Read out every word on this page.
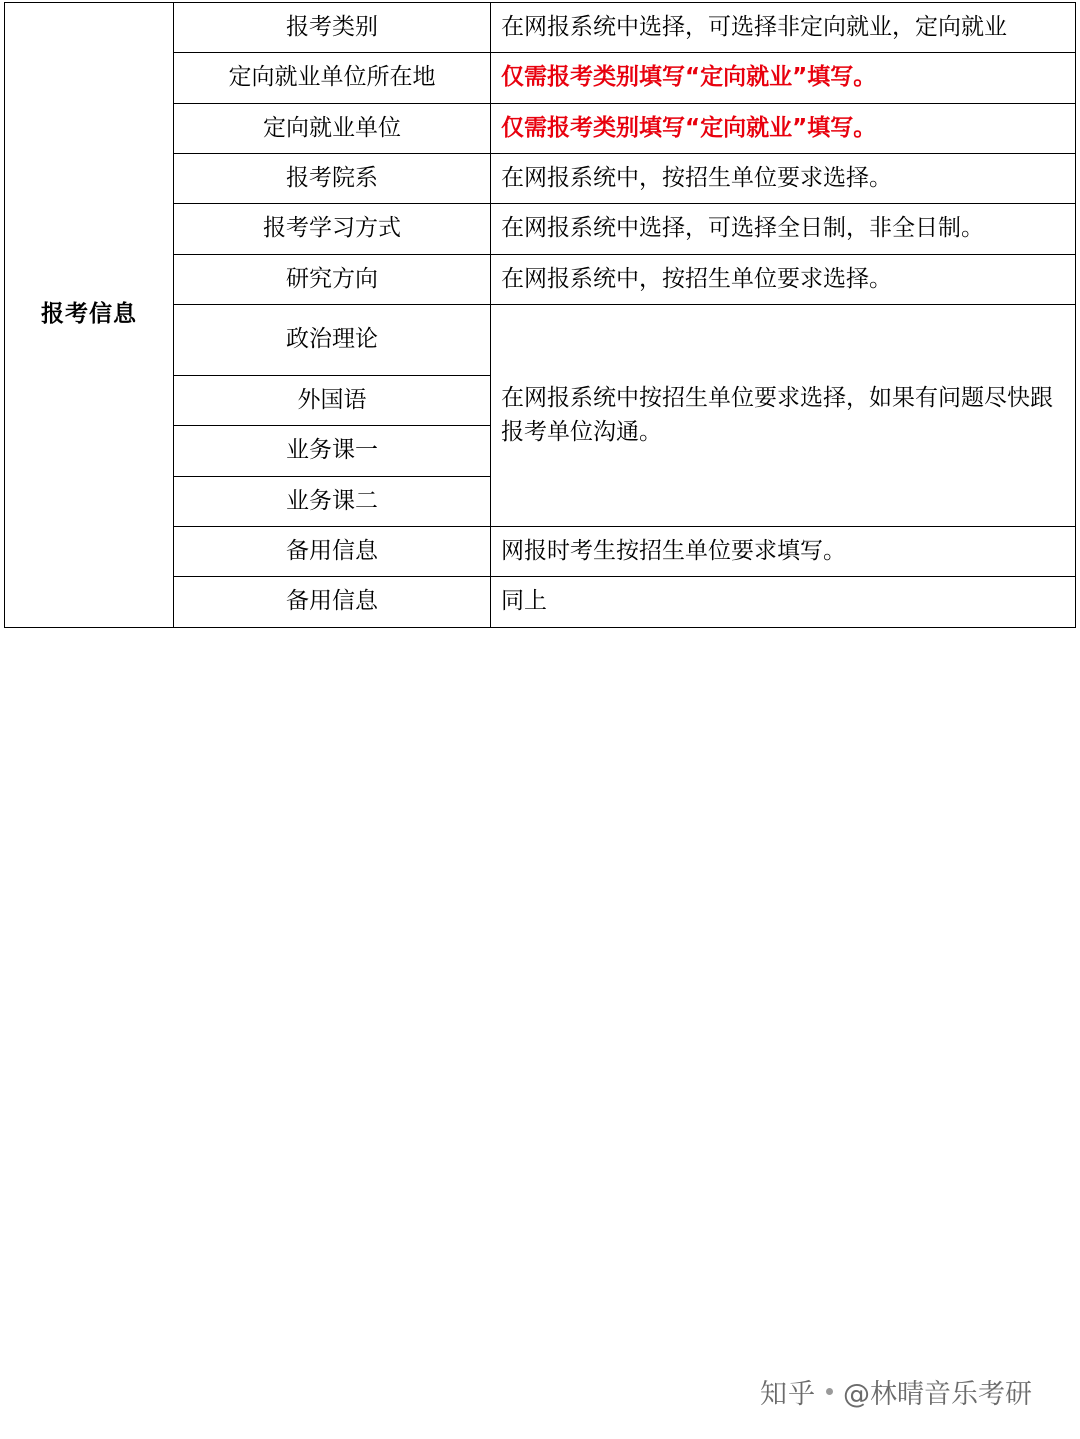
报考信息	报考类别	在网报系统中选择，可选择非定向就业，定向就业
	定向就业单位所在地	仅需报考类别填写“定向就业”填写。
	定向就业单位	仅需报考类别填写“定向就业”填写。
	报考院系	在网报系统中，按招生单位要求选择。
	报考学习方式	在网报系统中选择，可选择全日制，非全日制。
	研究方向	在网报系统中，按招生单位要求选择。
	政治理论	在网报系统中按招生单位要求选择，如果有问题尽快跟报考单位沟通。
	外国语	
	业务课一	
	业务课二	
	备用信息	网报时考生按招生单位要求填写。
	备用信息	同上
知乎 @林晴音乐考研
